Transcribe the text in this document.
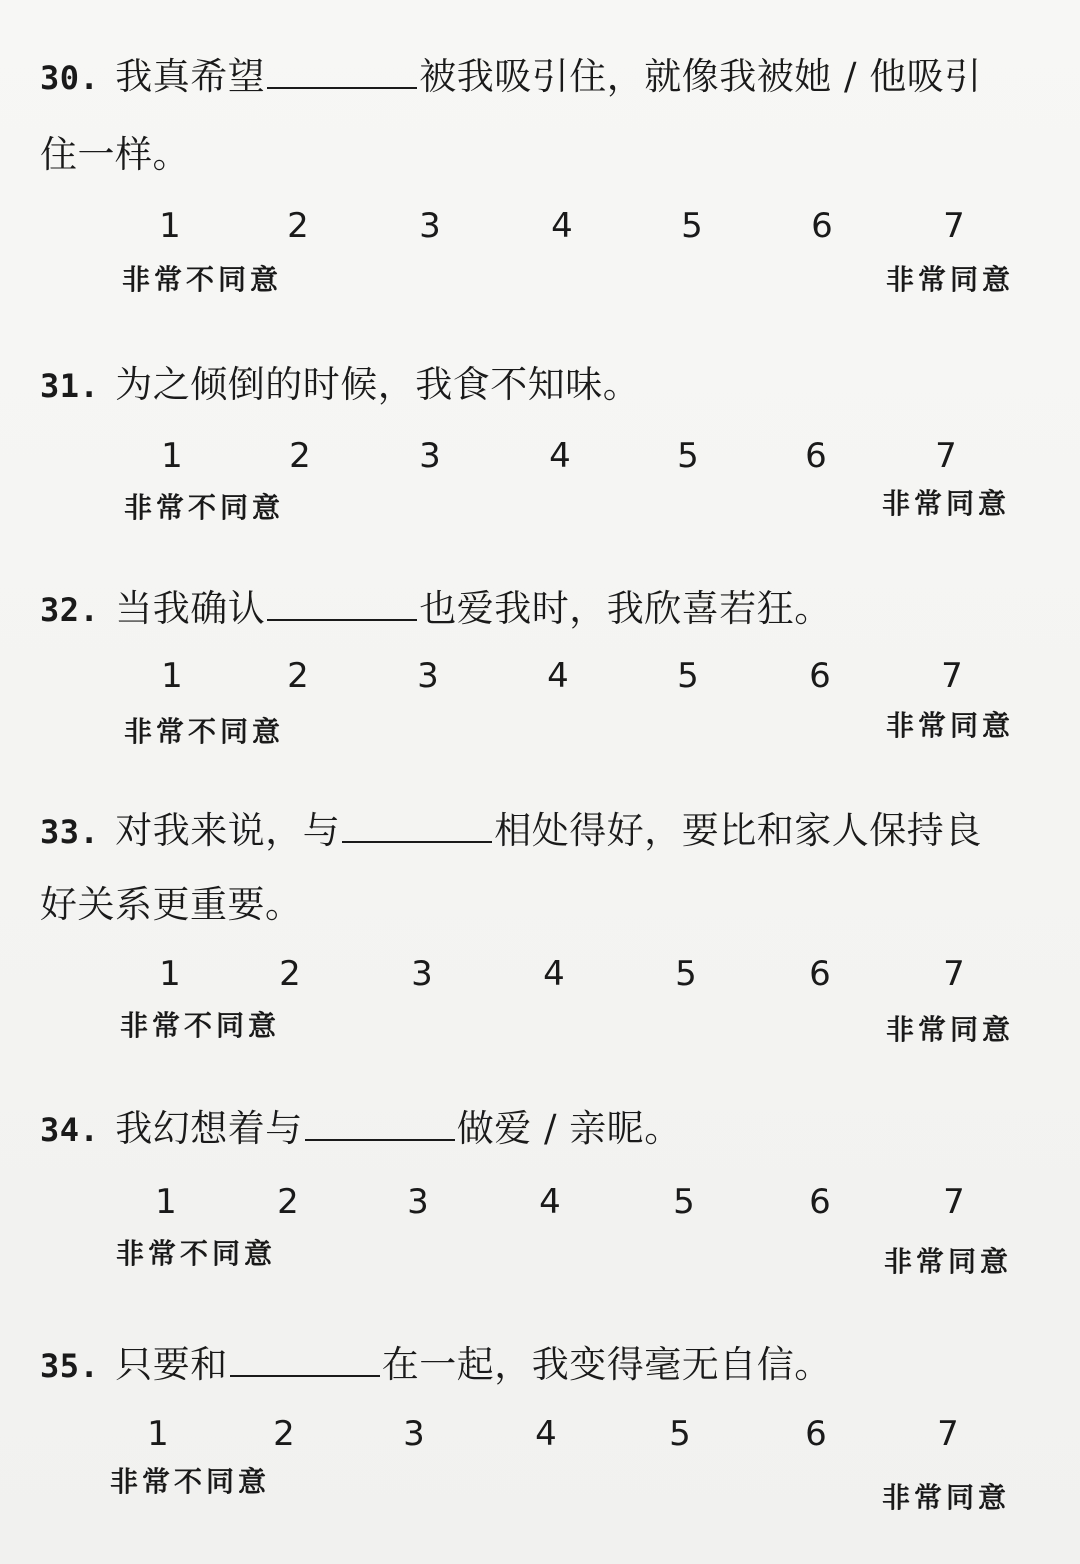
30. 我真希望	被我吸引住，就像我被她 / 他吸引
住一样。
1	2	3	4	5	6	7
非常不同意	非常同意
31. 为之倾倒的时候，我食不知味。
1	2	3	4	5	6	7
非常不同意	非常同意
32. 当我确认	也爱我时，我欣喜若狂。
1	2	3	4	5	6	7
非常不同意	非常同意
33. 对我来说，与	相处得好，要比和家人保持良
好关系更重要。
1	2	3	4	5	6	7
非常不同意	非常同意
34. 我幻想着与	做爱 / 亲昵。
1	2	3	4	5	6	7
非常不同意	非常同意
35. 只要和	在一起，我变得毫无自信。
1	2	3	4	5	6	7
非常不同意	非常同意
